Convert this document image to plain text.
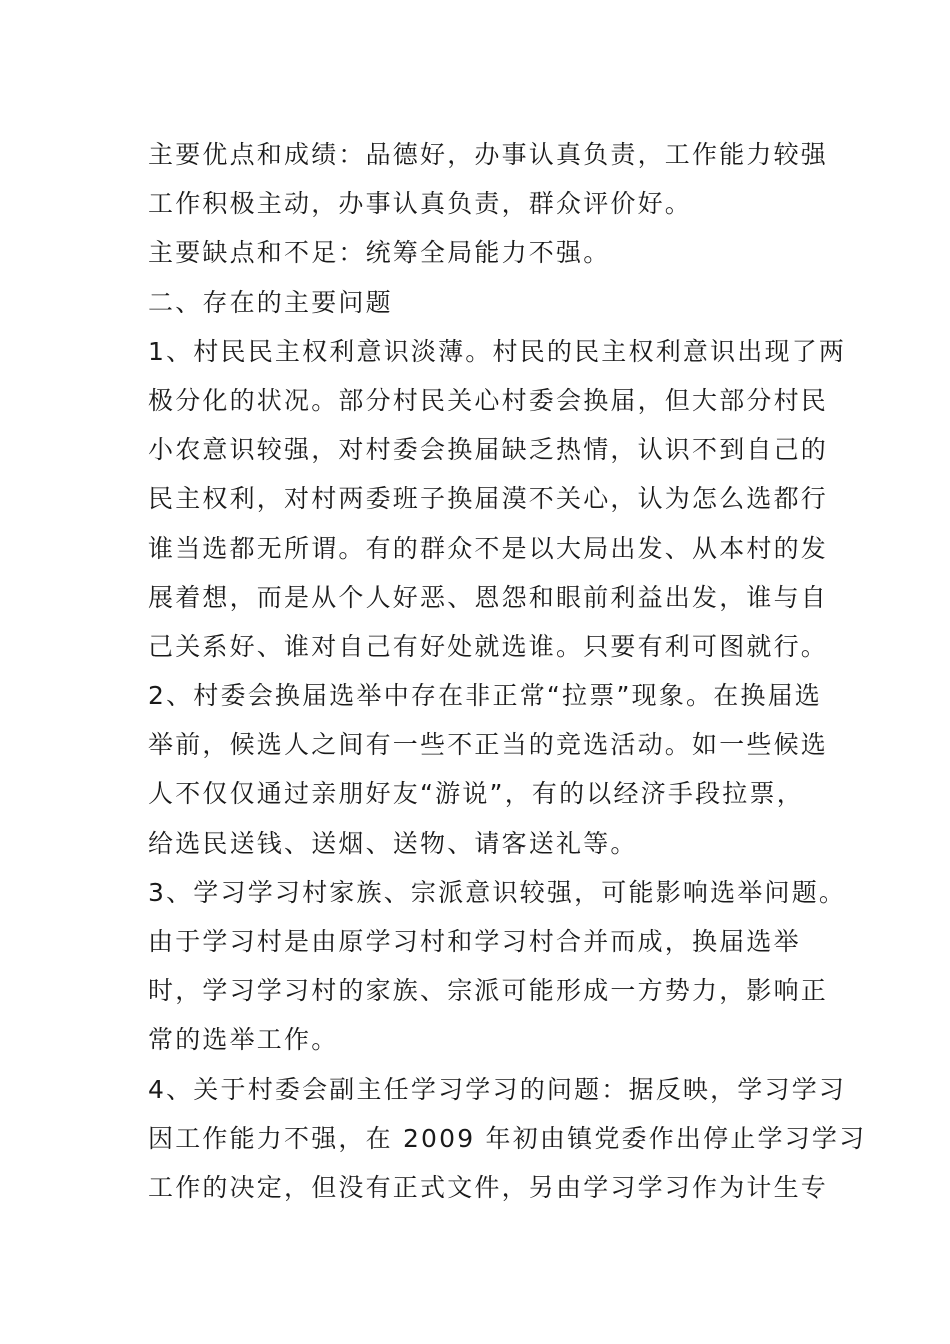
主要优点和成绩：品德好，办事认真负责，工作能力较强
工作积极主动，办事认真负责，群众评价好。
主要缺点和不足：统筹全局能力不强。
二、存在的主要问题
1、村民民主权利意识淡薄。村民的民主权利意识出现了两
极分化的状况。部分村民关心村委会换届，但大部分村民
小农意识较强，对村委会换届缺乏热情，认识不到自己的
民主权利，对村两委班子换届漠不关心，认为怎么选都行
谁当选都无所谓。有的群众不是以大局出发、从本村的发
展着想，而是从个人好恶、恩怨和眼前利益出发，谁与自
己关系好、谁对自己有好处就选谁。只要有利可图就行。
2、村委会换届选举中存在非正常“拉票”现象。在换届选
举前，候选人之间有一些不正当的竞选活动。如一些候选
人不仅仅通过亲朋好友“游说”，有的以经济手段拉票，
给选民送钱、送烟、送物、请客送礼等。
3、学习学习村家族、宗派意识较强，可能影响选举问题。
由于学习村是由原学习村和学习村合并而成，换届选举
时，学习学习村的家族、宗派可能形成一方势力，影响正
常的选举工作。
4、关于村委会副主任学习学习的问题：据反映，学习学习
因工作能力不强，在 2009 年初由镇党委作出停止学习学习
工作的决定，但没有正式文件，另由学习学习作为计生专
